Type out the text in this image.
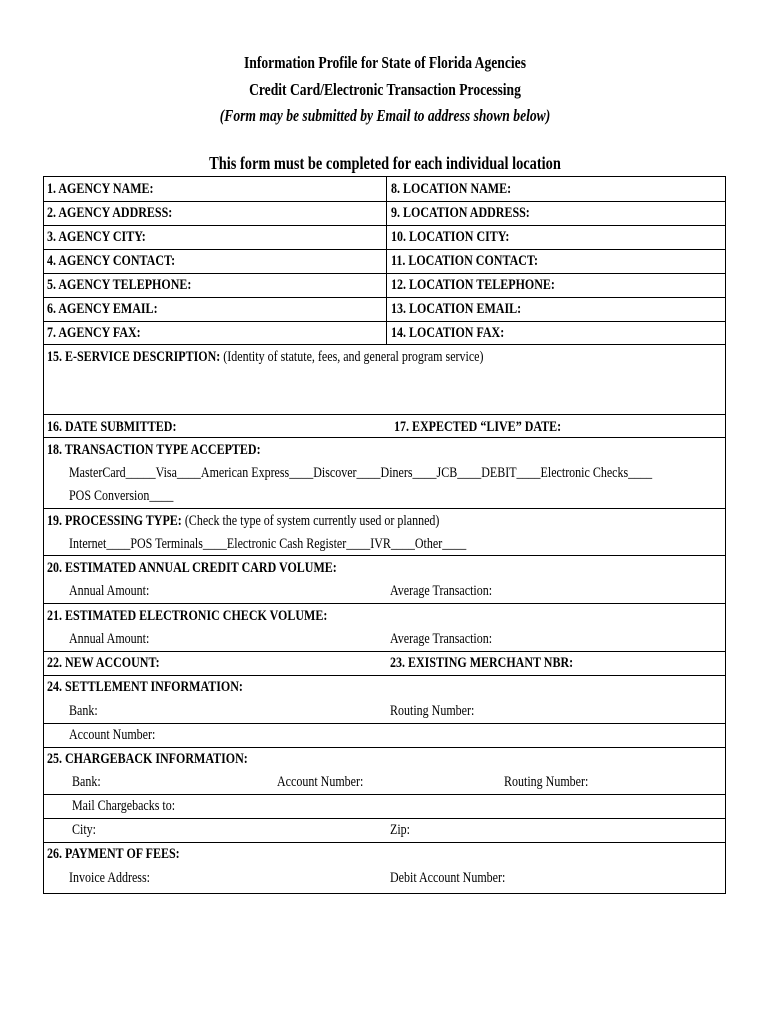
Information Profile for State of Florida Agencies
Credit Card/Electronic Transaction Processing
(Form may be submitted by Email to address shown below)
This form must be completed for each individual location
1. AGENCY NAME:	8. LOCATION NAME:
2. AGENCY ADDRESS:	9. LOCATION ADDRESS:
3. AGENCY CITY:	10. LOCATION CITY:
4. AGENCY CONTACT:	11. LOCATION CONTACT:
5. AGENCY TELEPHONE:	12. LOCATION TELEPHONE:
6. AGENCY EMAIL:	13. LOCATION EMAIL:
7. AGENCY FAX:	14. LOCATION FAX:
15. E-SERVICE DESCRIPTION: (Identity of statute, fees, and general program service)
16. DATE SUBMITTED:	17. EXPECTED “LIVE” DATE:
18. TRANSACTION TYPE ACCEPTED:
MasterCard_____Visa____American Express____Discover____Diners____JCB____DEBIT____Electronic Checks____
POS Conversion____
19. PROCESSING TYPE: (Check the type of system currently used or planned)
Internet____POS Terminals____Electronic Cash Register____IVR____Other____
20. ESTIMATED ANNUAL CREDIT CARD VOLUME:
Annual Amount:	Average Transaction:
21. ESTIMATED ELECTRONIC CHECK VOLUME:
Annual Amount:	Average Transaction:
22. NEW ACCOUNT:	23. EXISTING MERCHANT NBR:
24. SETTLEMENT INFORMATION:
Bank:	Routing Number:
Account Number:
25. CHARGEBACK INFORMATION:
Bank:	Account Number:	Routing Number:
Mail Chargebacks to:
City:	Zip:
26. PAYMENT OF FEES:
Invoice Address:	Debit Account Number:
